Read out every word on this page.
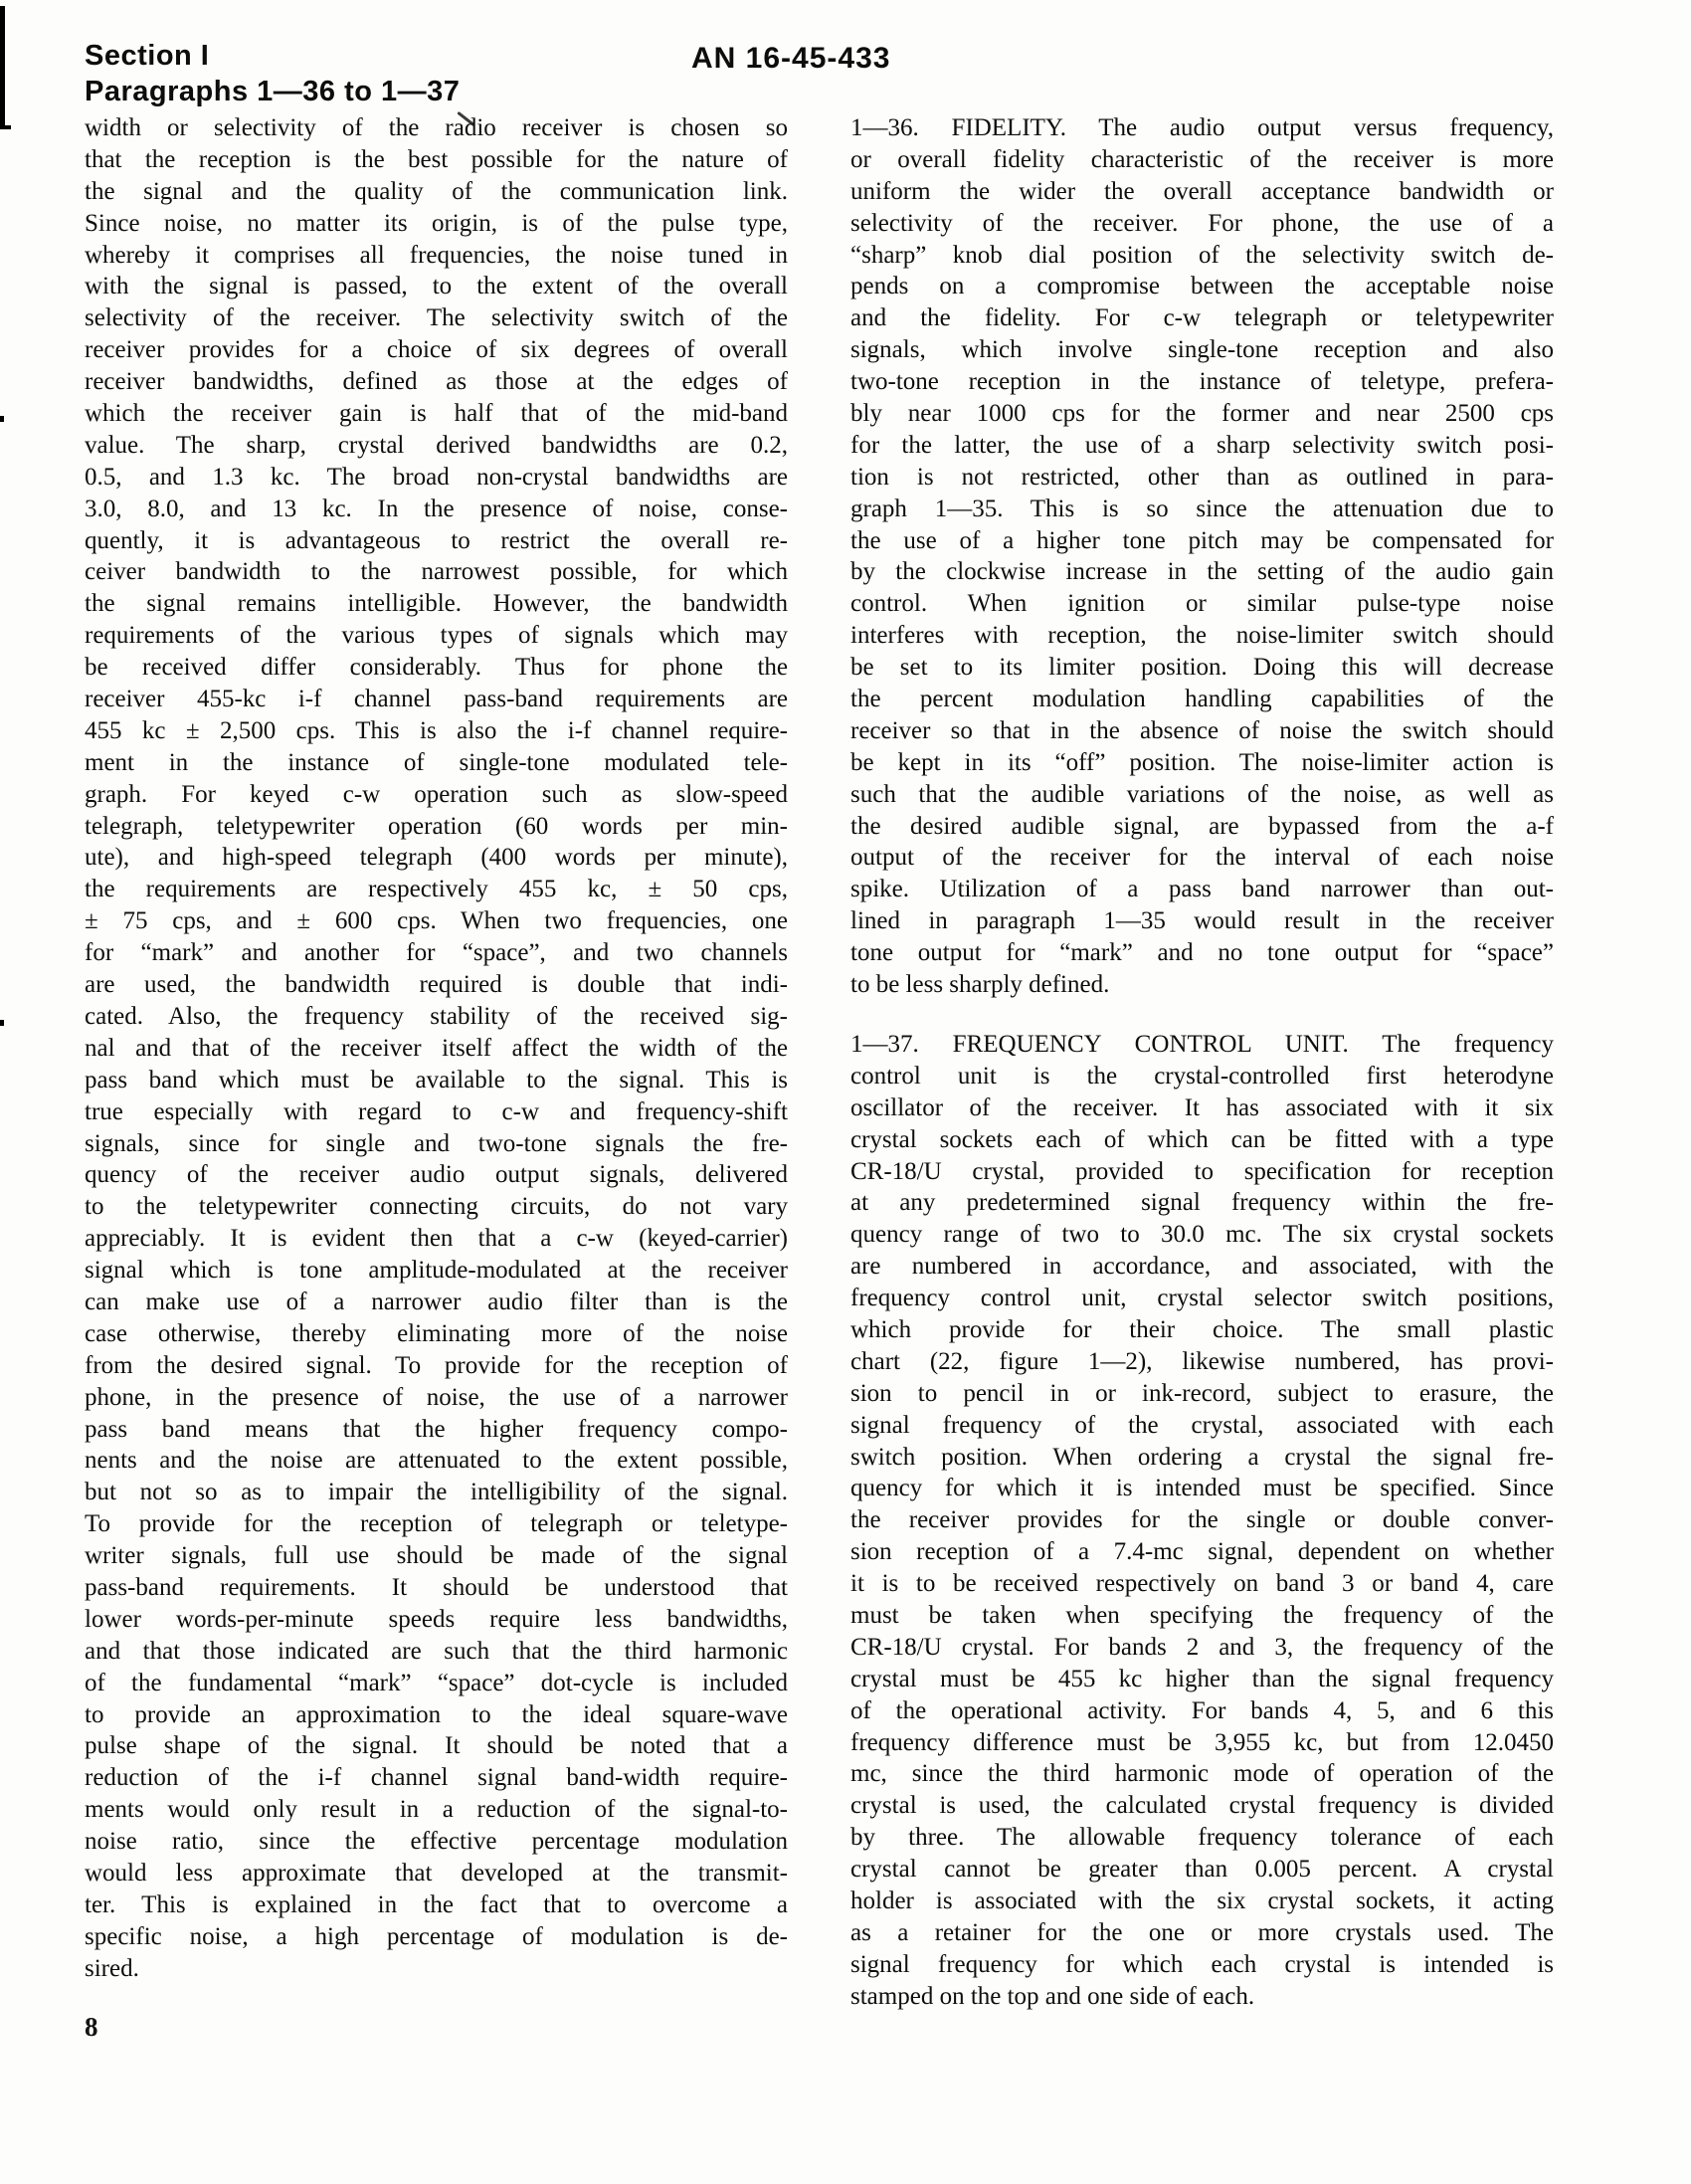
Section I
Paragraphs 1—36 to 1—37
AN 16-45-433
width or selectivity of the radio receiver is chosen so
that the reception is the best possible for the nature of
the signal and the quality of the communication link.
Since noise, no matter its origin, is of the pulse type,
whereby it comprises all frequencies, the noise tuned in
with the signal is passed, to the extent of the overall
selectivity of the receiver. The selectivity switch of the
receiver provides for a choice of six degrees of overall
receiver bandwidths, defined as those at the edges of
which the receiver gain is half that of the mid-band
value. The sharp, crystal derived bandwidths are 0.2,
0.5, and 1.3 kc. The broad non-crystal bandwidths are
3.0, 8.0, and 13 kc. In the presence of noise, conse-
quently, it is advantageous to restrict the overall re-
ceiver bandwidth to the narrowest possible, for which
the signal remains intelligible. However, the bandwidth
requirements of the various types of signals which may
be received differ considerably. Thus for phone the
receiver 455-kc i-f channel pass-band requirements are
455 kc ± 2,500 cps. This is also the i-f channel require-
ment in the instance of single-tone modulated tele-
graph. For keyed c-w operation such as slow-speed
telegraph, teletypewriter operation (60 words per min-
ute), and high-speed telegraph (400 words per minute),
the requirements are respectively 455 kc, ± 50 cps,
± 75 cps, and ± 600 cps. When two frequencies, one
for “mark” and another for “space”, and two channels
are used, the bandwidth required is double that indi-
cated. Also, the frequency stability of the received sig-
nal and that of the receiver itself affect the width of the
pass band which must be available to the signal. This is
true especially with regard to c-w and frequency-shift
signals, since for single and two-tone signals the fre-
quency of the receiver audio output signals, delivered
to the teletypewriter connecting circuits, do not vary
appreciably. It is evident then that a c-w (keyed-carrier)
signal which is tone amplitude-modulated at the receiver
can make use of a narrower audio filter than is the
case otherwise, thereby eliminating more of the noise
from the desired signal. To provide for the reception of
phone, in the presence of noise, the use of a narrower
pass band means that the higher frequency compo-
nents and the noise are attenuated to the extent possible,
but not so as to impair the intelligibility of the signal.
To provide for the reception of telegraph or teletype-
writer signals, full use should be made of the signal
pass-band requirements. It should be understood that
lower words-per-minute speeds require less bandwidths,
and that those indicated are such that the third harmonic
of the fundamental “mark” “space” dot-cycle is included
to provide an approximation to the ideal square-wave
pulse shape of the signal. It should be noted that a
reduction of the i-f channel signal band-width require-
ments would only result in a reduction of the signal-to-
noise ratio, since the effective percentage modulation
would less approximate that developed at the transmit-
ter. This is explained in the fact that to overcome a
specific noise, a high percentage of modulation is de-
sired.
1—36. FIDELITY. The audio output versus frequency,
or overall fidelity characteristic of the receiver is more
uniform the wider the overall acceptance bandwidth or
selectivity of the receiver. For phone, the use of a
“sharp” knob dial position of the selectivity switch de-
pends on a compromise between the acceptable noise
and the fidelity. For c-w telegraph or teletypewriter
signals, which involve single-tone reception and also
two-tone reception in the instance of teletype, prefera-
bly near 1000 cps for the former and near 2500 cps
for the latter, the use of a sharp selectivity switch posi-
tion is not restricted, other than as outlined in para-
graph 1—35. This is so since the attenuation due to
the use of a higher tone pitch may be compensated for
by the clockwise increase in the setting of the audio gain
control. When ignition or similar pulse-type noise
interferes with reception, the noise-limiter switch should
be set to its limiter position. Doing this will decrease
the percent modulation handling capabilities of the
receiver so that in the absence of noise the switch should
be kept in its “off” position. The noise-limiter action is
such that the audible variations of the noise, as well as
the desired audible signal, are bypassed from the a-f
output of the receiver for the interval of each noise
spike. Utilization of a pass band narrower than out-
lined in paragraph 1—35 would result in the receiver
tone output for “mark” and no tone output for “space”
to be less sharply defined.
1—37. FREQUENCY CONTROL UNIT. The frequency
control unit is the crystal-controlled first heterodyne
oscillator of the receiver. It has associated with it six
crystal sockets each of which can be fitted with a type
CR-18/U crystal, provided to specification for reception
at any predetermined signal frequency within the fre-
quency range of two to 30.0 mc. The six crystal sockets
are numbered in accordance, and associated, with the
frequency control unit, crystal selector switch positions,
which provide for their choice. The small plastic
chart (22, figure 1—2), likewise numbered, has provi-
sion to pencil in or ink-record, subject to erasure, the
signal frequency of the crystal, associated with each
switch position. When ordering a crystal the signal fre-
quency for which it is intended must be specified. Since
the receiver provides for the single or double conver-
sion reception of a 7.4-mc signal, dependent on whether
it is to be received respectively on band 3 or band 4, care
must be taken when specifying the frequency of the
CR-18/U crystal. For bands 2 and 3, the frequency of the
crystal must be 455 kc higher than the signal frequency
of the operational activity. For bands 4, 5, and 6 this
frequency difference must be 3,955 kc, but from 12.0450
mc, since the third harmonic mode of operation of the
crystal is used, the calculated crystal frequency is divided
by three. The allowable frequency tolerance of each
crystal cannot be greater than 0.005 percent. A crystal
holder is associated with the six crystal sockets, it acting
as a retainer for the one or more crystals used. The
signal frequency for which each crystal is intended is
stamped on the top and one side of each.
8
